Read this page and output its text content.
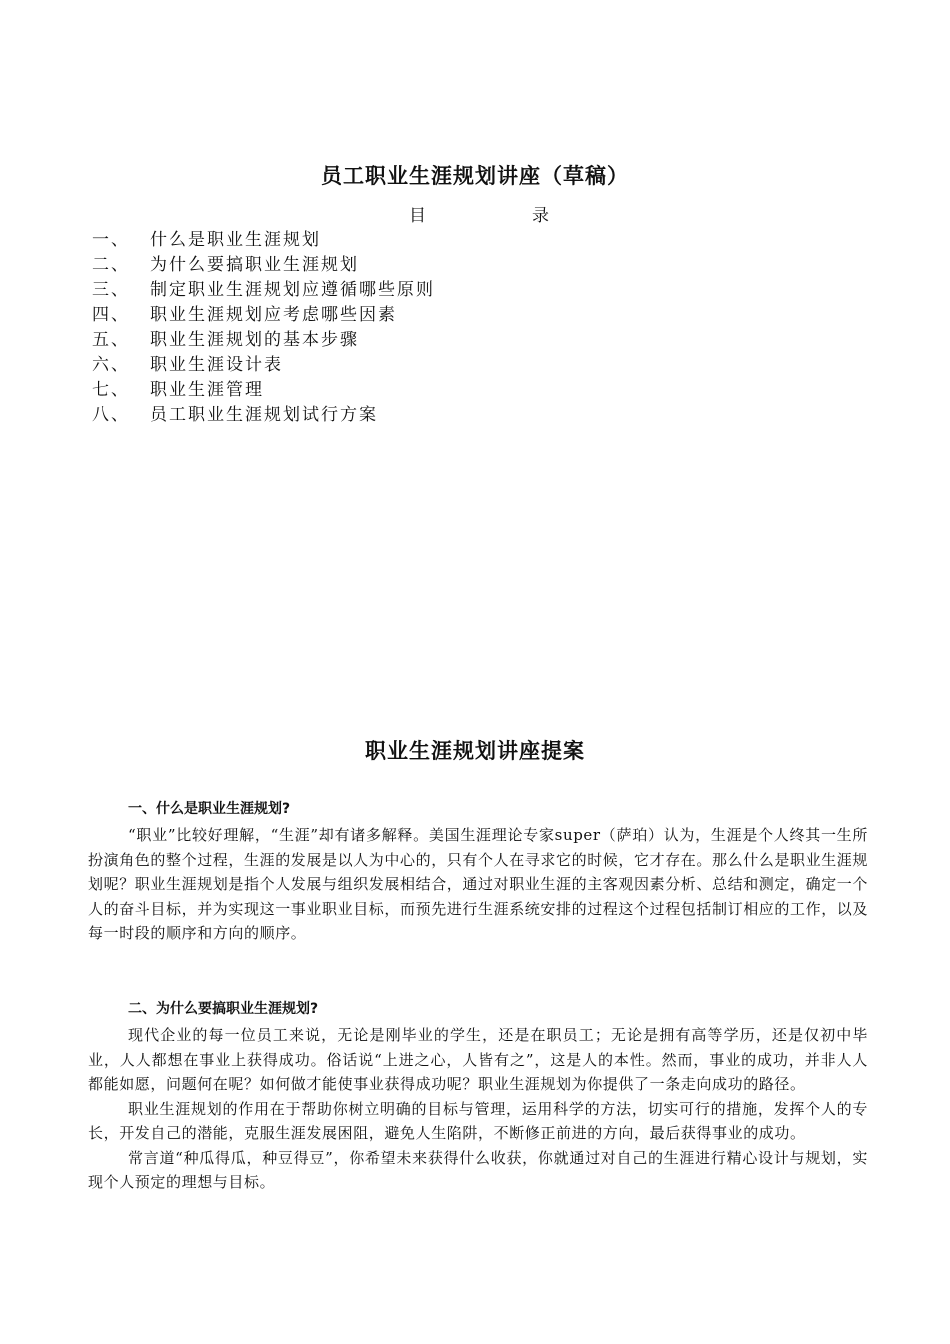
员工职业生涯规划讲座（草稿）
目	录
一、	什么是职业生涯规划
二、	为什么要搞职业生涯规划
三、	制定职业生涯规划应遵循哪些原则
四、	职业生涯规划应考虑哪些因素
五、	职业生涯规划的基本步骤
六、	职业生涯设计表
七、	职业生涯管理
八、	员工职业生涯规划试行方案
职业生涯规划讲座提案
一、什么是职业生涯规划?

“职业”比较好理解，“生涯”却有诸多解释。美国生涯理论专家super（萨珀）认为，生涯是个人终其一生所扮演角色的整个过程，生涯的发展是以人为中心的，只有个人在寻求它的时候，它才存在。那么什么是职业生涯规划呢？职业生涯规划是指个人发展与组织发展相结合，通过对职业生涯的主客观因素分析、总结和测定，确定一个人的奋斗目标，并为实现这一事业职业目标，而预先进行生涯系统安排的过程这个过程包括制订相应的工作，以及每一时段的顺序和方向的顺序。

二、为什么要搞职业生涯规划?

现代企业的每一位员工来说，无论是刚毕业的学生，还是在职员工；无论是拥有高等学历，还是仅初中毕业，人人都想在事业上获得成功。俗话说“上进之心，人皆有之”，这是人的本性。然而，事业的成功，并非人人都能如愿，问题何在呢？如何做才能使事业获得成功呢？职业生涯规划为你提供了一条走向成功的路径。

职业生涯规划的作用在于帮助你树立明确的目标与管理，运用科学的方法，切实可行的措施，发挥个人的专长，开发自己的潜能，克服生涯发展困阻，避免人生陷阱，不断修正前进的方向，最后获得事业的成功。

常言道“种瓜得瓜，种豆得豆”，你希望未来获得什么收获，你就通过对自己的生涯进行精心设计与规划，实现个人预定的理想与目标。
